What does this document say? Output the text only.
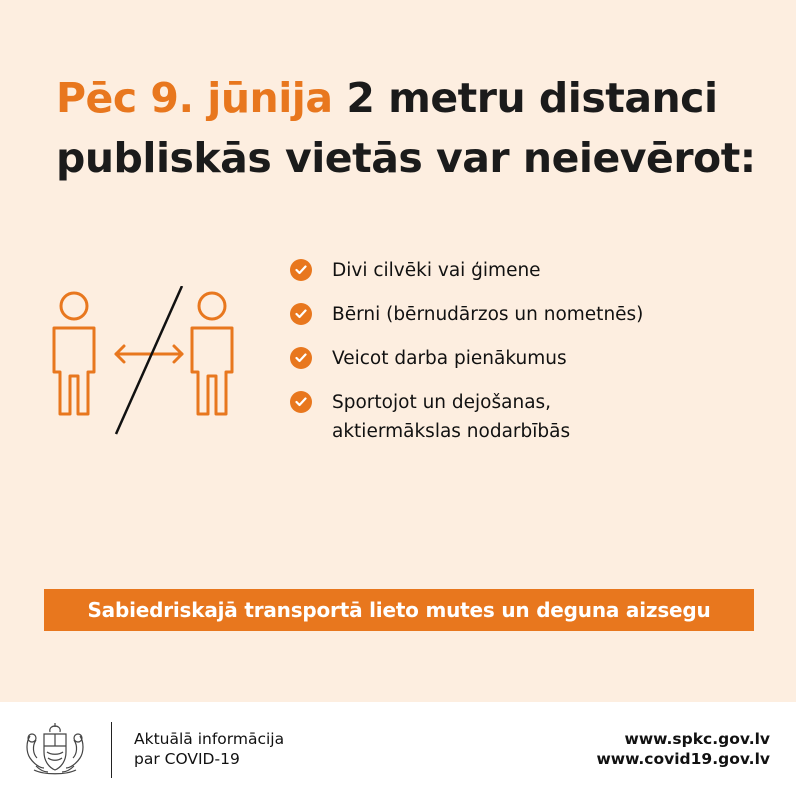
Pēc 9. jūnija 2 metru distanci
publiskās vietās var neievērot:
Divi cilvēki vai ģimene
Bērni (bērnudārzos un nometnēs)
Veicot darba pienākumus
Sportojot un dejošanas,
aktiermākslas nodarbībās
Sabiedriskajā transportā lieto mutes un deguna aizsegu
Aktuālā informācija
par COVID-19
www.spkc.gov.lv
www.covid19.gov.lv
